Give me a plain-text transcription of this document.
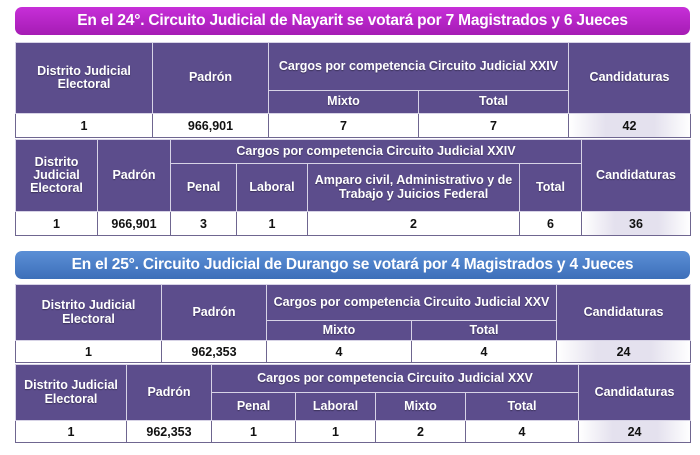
En el 24°. Circuito Judicial de Nayarit se votará por 7 Magistrados y 6 Jueces
Distrito Judicial Electoral	Padrón	Cargos por competencia Circuito Judicial XXIV		Candidaturas
		Mixto	Total	
1	966,901	7	7	42
Distrito Judicial Electoral	Padrón	Cargos por competencia Circuito Judicial XXIV				Candidaturas
		Penal	Laboral	Amparo civil, Administrativo y de Trabajo y Juicios Federal	Total	
1	966,901	3	1	2	6	36
En el 25°. Circuito Judicial de Durango se votará por 4 Magistrados y 4 Jueces
Distrito Judicial Electoral	Padrón	Cargos por competencia Circuito Judicial XXV		Candidaturas
		Mixto	Total	
1	962,353	4	4	24
Distrito Judicial Electoral	Padrón	Cargos por competencia Circuito Judicial XXV				Candidaturas
		Penal	Laboral	Mixto	Total	
1	962,353	1	1	2	4	24
